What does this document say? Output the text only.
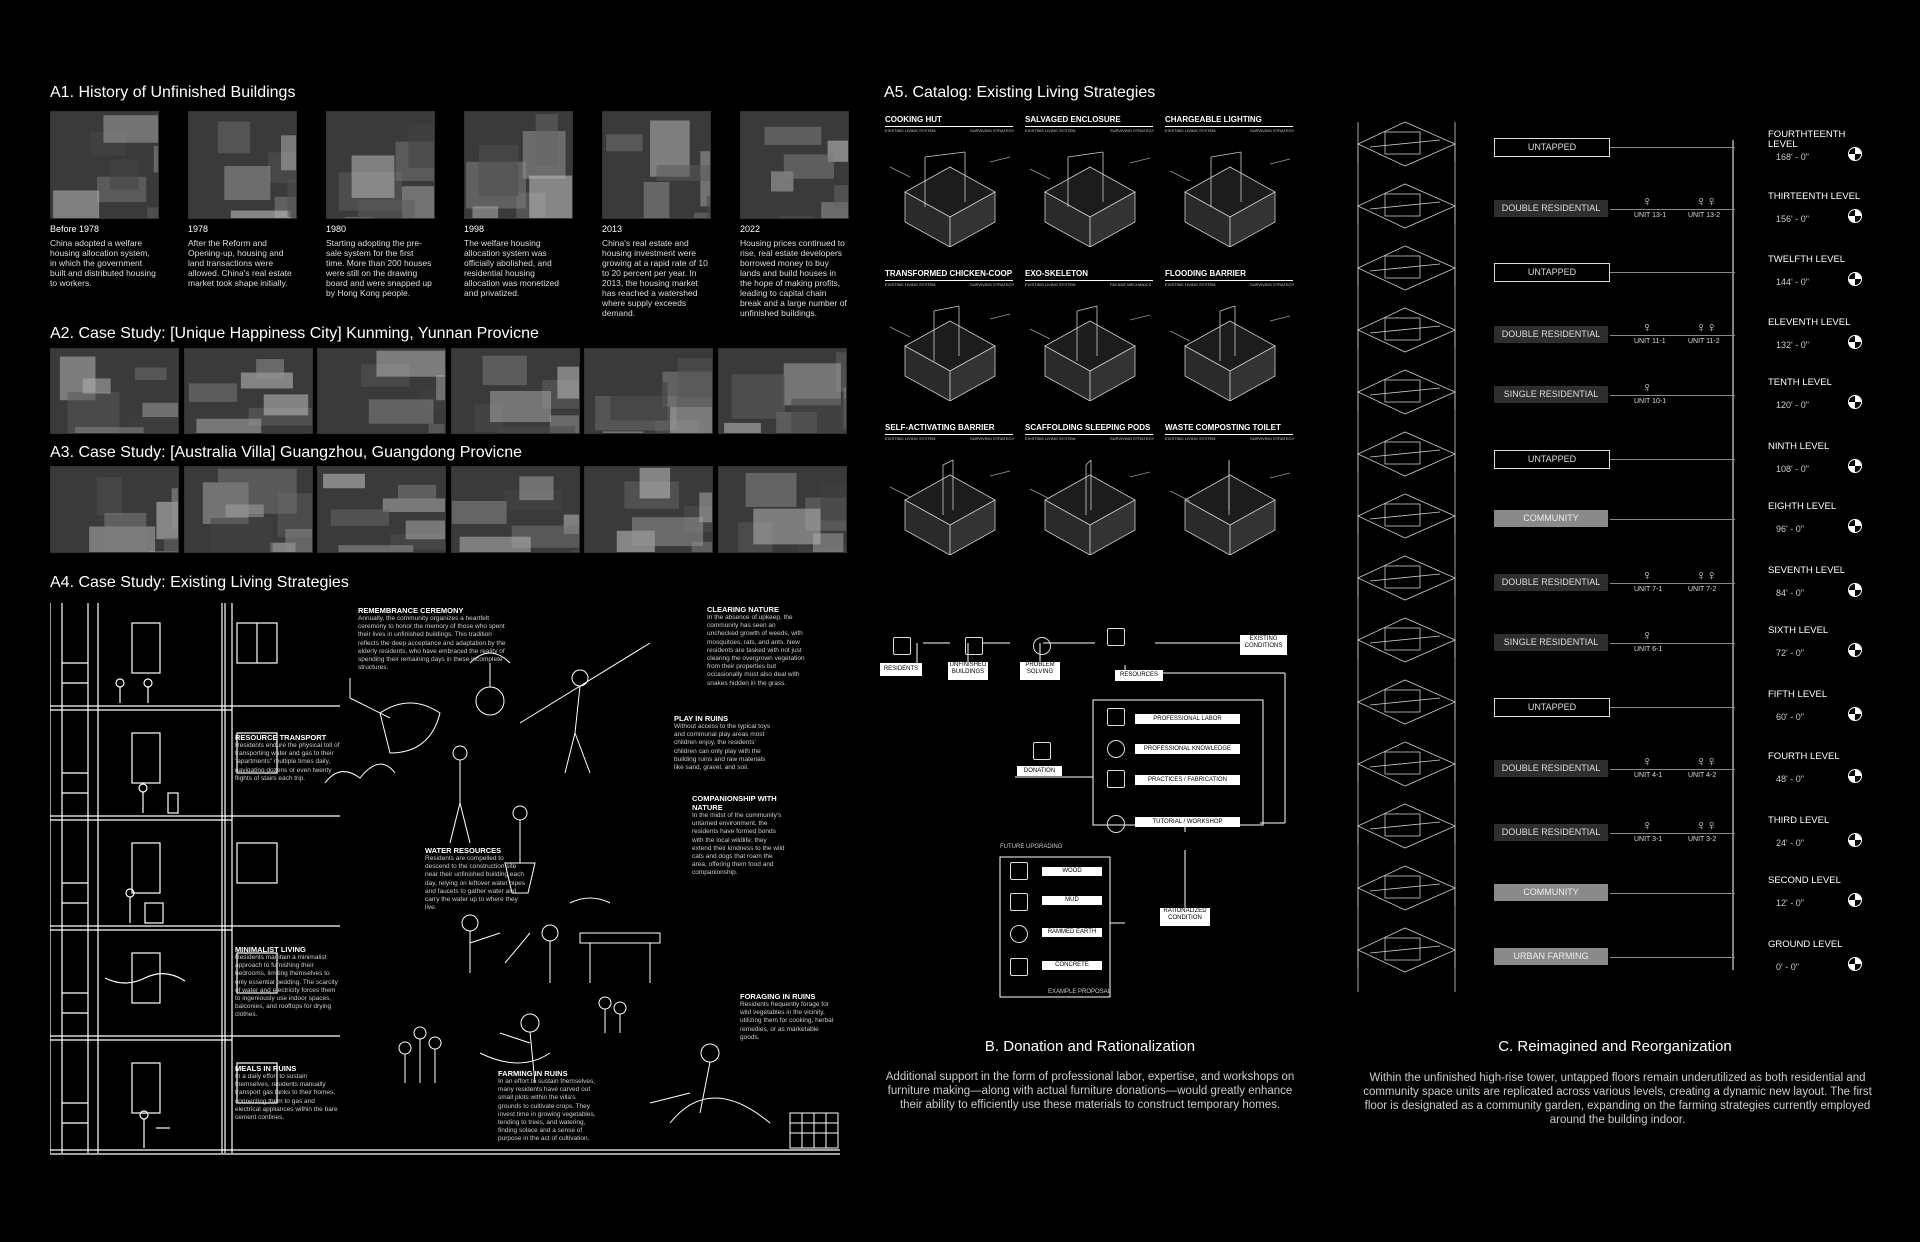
A1. History of Unfinished Buildings
Before 1978
China adopted a welfare housing allocation system, in which the government built and distributed housing to workers.
1978
After the Reform and Opening-up, housing and land transactions were allowed. China's real estate market took shape initially.
1980
Starting adopting the pre-sale system for the first time. More than 200 houses were still on the drawing board and were snapped up by Hong Kong people.
1998
The welfare housing allocation system was officially abolished, and residential housing allocation was monetized and privatized.
2013
China's real estate and housing investment were growing at a rapid rate of 10 to 20 percent per year. In 2013, the housing market has reached a watershed where supply exceeds demand.
2022
Housing prices continued to rise, real estate developers borrowed money to buy lands and build houses in the hope of making profits, leading to capital chain break and a large number of unfinished buildings.
A2. Case Study: [Unique Happiness City] Kunming, Yunnan Provicne
A3. Case Study: [Australia Villa] Guangzhou, Guangdong Provicne
A4. Case Study: Existing Living Strategies
REMEMBRANCE CEREMONY
Annually, the community organizes a heartfelt ceremony to honor the memory of those who spent their lives in unfinished buildings. This tradition reflects the deep acceptance and adaptation by the elderly residents, who have embraced the reality of spending their remaining days in these incomplete structures.
CLEARING NATURE
In the absence of upkeep, the community has seen an unchecked growth of weeds, with mosquitoes, rats, and ants. New residents are tasked with not just clearing the overgrown vegetation from their properties but occasionally must also deal with snakes hidden in the grass.
RESOURCE TRANSPORT
Residents endure the physical toll of transporting water and gas to their "apartments" multiple times daily, navigating dozens or even twenty flights of stairs each trip.
PLAY IN RUINS
Without access to the typical toys and communal play areas most children enjoy, the residents' children can only play with the building ruins and raw materials like sand, gravel, and soil.
COMPANIONSHIP WITH NATURE
In the midst of the community's untamed environment, the residents have formed bonds with the local wildlife: they extend their kindness to the wild cats and dogs that roam the area, offering them food and companionship.
WATER RESOURCES
Residents are compelled to descend to the construction site near their unfinished building each day, relying on leftover water pipes and faucets to gather water and carry the water up to where they live.
MINIMALIST LIVING
Residents maintain a minimalist approach to furnishing their bedrooms, limiting themselves to only essential bedding. The scarcity of water and electricity forces them to ingeniously use indoor spaces, balconies, and rooftops for drying clothes.
FORAGING IN RUINS
Residents frequently forage for wild vegetables in the vicinity, utilizing them for cooking, herbal remedies, or as marketable goods.
MEALS IN RUINS
In a daily effort to sustain themselves, residents manually transport gas tanks to their homes, connecting them to gas and electrical appliances within the bare cement confines.
FARMING IN RUINS
In an effort to sustain themselves, many residents have carved out small plots within the villa's grounds to cultivate crops. They invest time in growing vegetables, tending to trees, and watering, finding solace and a sense of purpose in the act of cultivation.
A5. Catalog: Existing Living Strategies
COOKING HUT
EXISTING LIVING SYSTEM	SURVIVING STRATEGY
SALVAGED ENCLOSURE
EXISTING LIVING SYSTEM	SURVIVING STRATEGY
CHARGEABLE LIGHTING
EXISTING LIVING SYSTEM	SURVIVING STRATEGY
TRANSFORMED CHICKEN-COOP
EXISTING LIVING SYSTEM	SURVIVING STRATEGY
EXO-SKELETON
EXISTING LIVING SYSTEM	FACADE MECHANICS
FLOODING BARRIER
EXISTING LIVING SYSTEM	SURVIVING STRATEGY
SELF-ACTIVATING BARRIER
EXISTING LIVING SYSTEM	SURVIVING STRATEGY
SCAFFOLDING SLEEPING PODS
EXISTING LIVING SYSTEM	SURVIVING STRATEGY
WASTE COMPOSTING TOILET
EXISTING LIVING SYSTEM	SURVIVING STRATEGY
RESIDENTS
UNFINISHED BUILDINGS
PROBLEM SOLVING	RESOURCES
EXISTING CONDITIONS
PROFESSIONAL LABOR
PROFESSIONAL KNOWLEDGE
PRACTICES / FABRICATION
DONATION
TUTORIAL / WORKSHOP
FUTURE UPGRADING
WOOD
MUD
RAMMED EARTH
CONCRETE
RATIONALIZED CONDITION
EXAMPLE PROPOSAL
B. Donation and Rationalization
Additional support in the form of professional labor, expertise, and workshops on furniture making—along with actual furniture donations—would greatly enhance their ability to efficiently use these materials to construct temporary homes.
UNTAPPED
FOURTHTEENTH LEVEL
168' - 0"
DOUBLE RESIDENTIAL
THIRTEENTH LEVEL
156' - 0"
♀
UNIT 13-1
♀♀
UNIT 13-2
UNTAPPED
TWELFTH LEVEL
144' - 0"
DOUBLE RESIDENTIAL
ELEVENTH LEVEL
132' - 0"
♀
UNIT 11-1
♀♀
UNIT 11-2
SINGLE RESIDENTIAL
TENTH LEVEL
120' - 0"
♀
UNIT 10-1
UNTAPPED
NINTH LEVEL
108' - 0"
COMMUNITY
EIGHTH LEVEL
96' - 0"
DOUBLE RESIDENTIAL
SEVENTH LEVEL
84' - 0"
♀
UNIT 7-1
♀♀
UNIT 7-2
SINGLE RESIDENTIAL
SIXTH LEVEL
72' - 0"
♀
UNIT 6-1
UNTAPPED
FIFTH LEVEL
60' - 0"
DOUBLE RESIDENTIAL
FOURTH LEVEL
48' - 0"
♀
UNIT 4-1
♀♀
UNIT 4-2
DOUBLE RESIDENTIAL
THIRD LEVEL
24' - 0"
♀
UNIT 3-1
♀♀
UNIT 3-2
COMMUNITY
SECOND LEVEL
12' - 0"
URBAN FARMING
GROUND LEVEL
0' - 0"
C. Reimagined and Reorganization
Within the unfinished high-rise tower, untapped floors remain underutilized as both residential and community space units are replicated across various levels, creating a dynamic new layout. The first floor is designated as a community garden, expanding on the farming strategies currently employed around the building indoor.
